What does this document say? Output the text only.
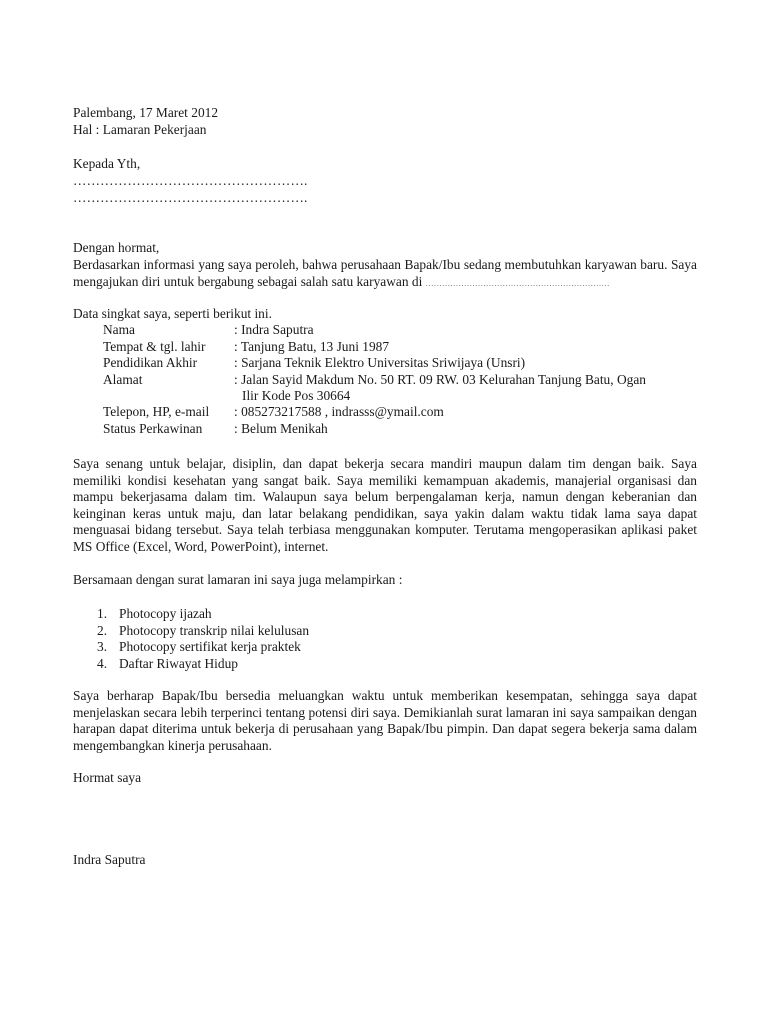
Palembang, 17 Maret 2012

Hal : Lamaran Pekerjaan

Kepada Yth,

…………………………………………….

…………………………………………….

Dengan hormat,

Berdasarkan informasi yang saya peroleh, bahwa perusahaan Bapak/Ibu sedang membutuhkan karyawan baru. Saya mengajukan diri untuk bergabung sebagai salah satu karyawan di ...................................................................

Data singkat saya, seperti berikut ini.

Nama	: Indra Saputra
Tempat & tgl. lahir : Tanjung Batu, 13 Juni 1987
Pendidikan Akhir	: Sarjana Teknik Elektro Universitas Sriwijaya (Unsri)
Alamat	: Jalan Sayid Makdum No. 50 RT. 09 RW. 03 Kelurahan Tanjung Batu, Ogan
Ilir Kode Pos 30664
Telepon, HP, e-mail : 085273217588 , indrasss@ymail.com
Status Perkawinan : Belum Menikah

Saya senang untuk belajar, disiplin, dan dapat bekerja secara mandiri maupun dalam tim dengan baik. Saya memiliki kondisi kesehatan yang sangat baik. Saya memiliki kemampuan akademis, manajerial organisasi dan mampu bekerjasama dalam tim. Walaupun saya belum berpengalaman kerja, namun dengan keberanian dan keinginan keras untuk maju, dan latar belakang pendidikan, saya yakin dalam waktu tidak lama saya dapat menguasai bidang tersebut. Saya telah terbiasa menggunakan komputer. Terutama mengoperasikan aplikasi paket MS Office (Excel, Word, PowerPoint), internet.

Bersamaan dengan surat lamaran ini saya juga melampirkan :

1. Photocopy ijazah
2. Photocopy transkrip nilai kelulusan
3. Photocopy sertifikat kerja praktek
4. Daftar Riwayat Hidup

Saya berharap Bapak/Ibu bersedia meluangkan waktu untuk memberikan kesempatan, sehingga saya dapat menjelaskan secara lebih terperinci tentang potensi diri saya. Demikianlah surat lamaran ini saya sampaikan dengan harapan dapat diterima untuk bekerja di perusahaan yang Bapak/Ibu pimpin. Dan dapat segera bekerja sama dalam mengembangkan kinerja perusahaan.

Hormat saya

Indra Saputra
